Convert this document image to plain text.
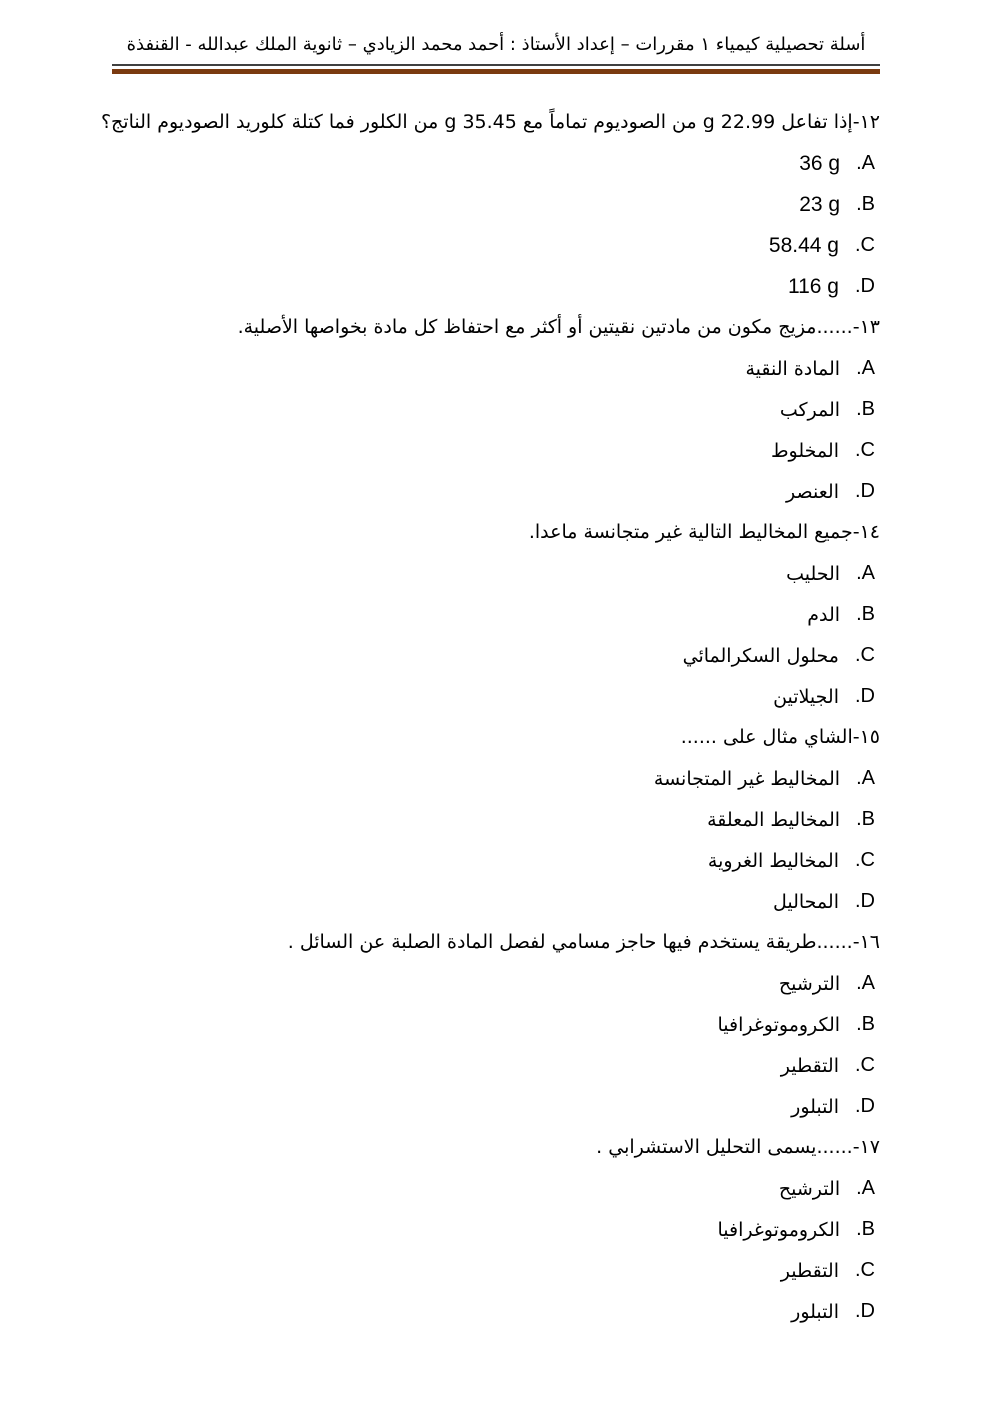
أسلة تحصيلية كيمياء ١ مقررات – إعداد الأستاذ : أحمد محمد الزيادي – ثانوية الملك عبدالله - القنفذة
١٢-إذا تفاعل 22.99 g من الصوديوم تماماً مع 35.45 g من الكلور فما كتلة كلوريد الصوديوم الناتج؟
. A
36 g
. B
23 g
. C
58.44 g
. D
116 g
١٣-......مزيج مكون من مادتين نقيتين أو أكثر مع احتفاظ كل مادة بخواصها الأصلية.
. A
المادة النقية
. B
المركب
. C
المخلوط
. D
العنصر
١٤-جميع المخاليط التالية غير متجانسة ماعدا.
. A
الحليب
. B
الدم
. C
محلول السكرالمائي
. D
الجيلاتين
١٥-الشاي مثال على ......
. A
المخاليط غير المتجانسة
. B
المخاليط المعلقة
. C
المخاليط الغروية
. D
المحاليل
١٦-......طريقة يستخدم فيها حاجز مسامي لفصل المادة الصلبة عن السائل .
. A
الترشيح
. B
الكروموتوغرافيا
. C
التقطير
. D
التبلور
١٧-......يسمى التحليل الاستشرابي .
. A
الترشيح
. B
الكروموتوغرافيا
. C
التقطير
. D
التبلور
